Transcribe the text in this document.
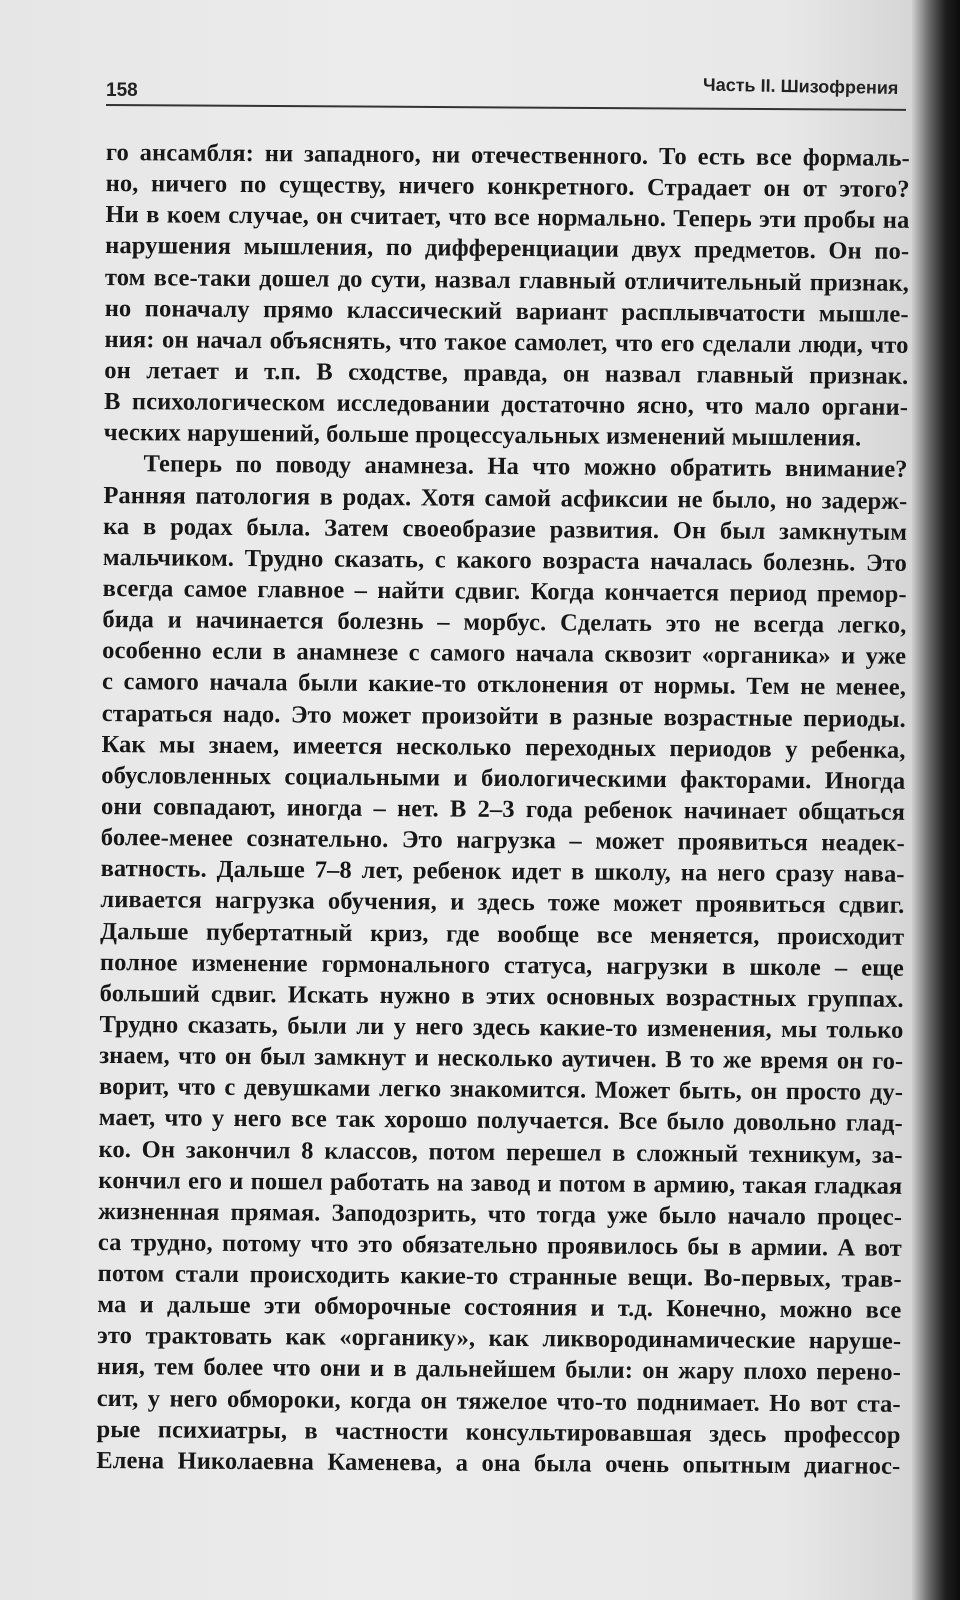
158	Часть II. Шизофрения
го ансамбля: ни западного, ни отечественного. То есть все формаль-
но, ничего по существу, ничего конкретного. Страдает он от этого?
Ни в коем случае, он считает, что все нормально. Теперь эти пробы на
нарушения мышления, по дифференциации двух предметов. Он по-
том все-таки дошел до сути, назвал главный отличительный признак,
но поначалу прямо классический вариант расплывчатости мышле-
ния: он начал объяснять, что такое самолет, что его сделали люди, что
он летает и т.п. В сходстве, правда, он назвал главный признак.
В психологическом исследовании достаточно ясно, что мало органи-
ческих нарушений, больше процессуальных изменений мышления.
Теперь по поводу анамнеза. На что можно обратить внимание?
Ранняя патология в родах. Хотя самой асфиксии не было, но задерж-
ка в родах была. Затем своеобразие развития. Он был замкнутым
мальчиком. Трудно сказать, с какого возраста началась болезнь. Это
всегда самое главное – найти сдвиг. Когда кончается период премор-
бида и начинается болезнь – морбус. Сделать это не всегда легко,
особенно если в анамнезе с самого начала сквозит «органика» и уже
с самого начала были какие-то отклонения от нормы. Тем не менее,
стараться надо. Это может произойти в разные возрастные периоды.
Как мы знаем, имеется несколько переходных периодов у ребенка,
обусловленных социальными и биологическими факторами. Иногда
они совпадают, иногда – нет. В 2–3 года ребенок начинает общаться
более-менее сознательно. Это нагрузка – может проявиться неадек-
ватность. Дальше 7–8 лет, ребенок идет в школу, на него сразу нава-
ливается нагрузка обучения, и здесь тоже может проявиться сдвиг.
Дальше пубертатный криз, где вообще все меняется, происходит
полное изменение гормонального статуса, нагрузки в школе – еще
больший сдвиг. Искать нужно в этих основных возрастных группах.
Трудно сказать, были ли у него здесь какие-то изменения, мы только
знаем, что он был замкнут и несколько аутичен. В то же время он го-
ворит, что с девушками легко знакомится. Может быть, он просто ду-
мает, что у него все так хорошо получается. Все было довольно глад-
ко. Он закончил 8 классов, потом перешел в сложный техникум, за-
кончил его и пошел работать на завод и потом в армию, такая гладкая
жизненная прямая. Заподозрить, что тогда уже было начало процес-
са трудно, потому что это обязательно проявилось бы в армии. А вот
потом стали происходить какие-то странные вещи. Во-первых, трав-
ма и дальше эти обморочные состояния и т.д. Конечно, можно все
это трактовать как «органику», как ликвородинамические наруше-
ния, тем более что они и в дальнейшем были: он жару плохо перено-
сит, у него обмороки, когда он тяжелое что-то поднимает. Но вот ста-
рые психиатры, в частности консультировавшая здесь профессор
Елена Николаевна Каменева, а она была очень опытным диагнос-
